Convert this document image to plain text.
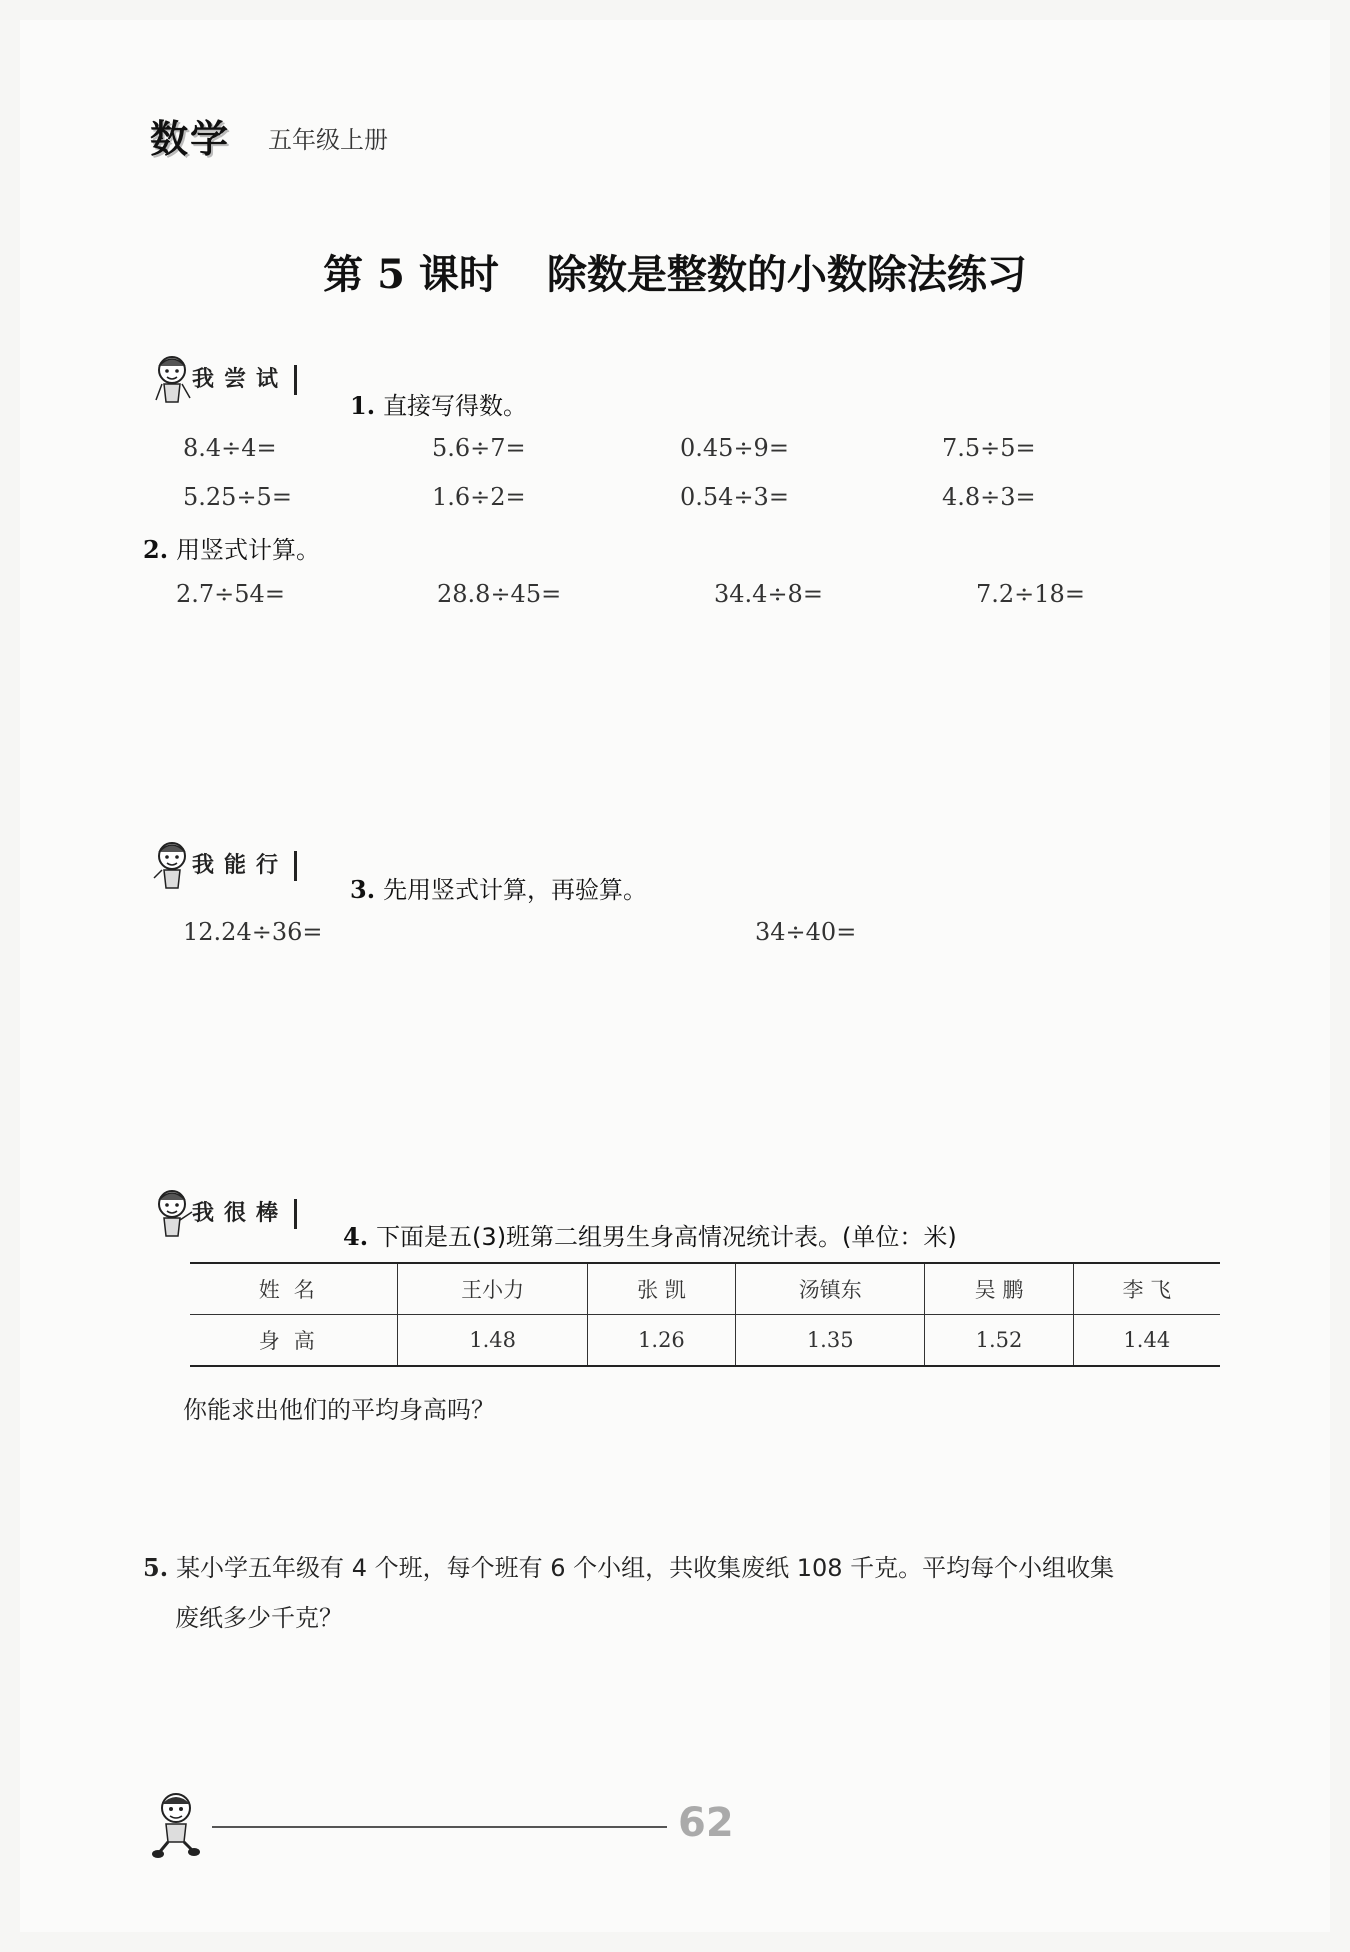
数学 五年级上册
第 5 课时 除数是整数的小数除法练习
我尝试
1. 直接写得数。
8.4÷4=	5.6÷7=	0.45÷9=	7.5÷5=
5.25÷5=	1.6÷2=	0.54÷3=	4.8÷3=
2. 用竖式计算。
2.7÷54=	28.8÷45=	34.4÷8=	7.2÷18=
我能行
3. 先用竖式计算，再验算。
12.24÷36=	34÷40=
我很棒
4. 下面是五(3)班第二组男生身高情况统计表。(单位：米)
姓名	王小力	张 凯	汤镇东	吴 鹏	李 飞
身高	1.48	1.26	1.35	1.52	1.44
你能求出他们的平均身高吗？
5. 某小学五年级有 4 个班，每个班有 6 个小组，共收集废纸 108 千克。平均每个小组收集
废纸多少千克？
62
